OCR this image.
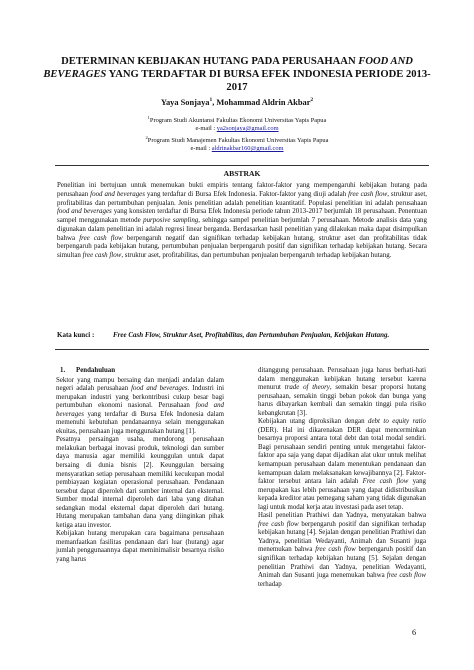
DETERMINAN KEBIJAKAN HUTANG PADA PERUSAHAAN FOOD AND BEVERAGES YANG TERDAFTAR DI BURSA EFEK INDONESIA PERIODE 2013-2017
Yaya Sonjaya$^1$, Mohammad Aldrin Akbar$^2$
$^1$Program Studi Akuntansi Fakultas Ekonomi Universitas Yapis Papua
e-mail : ya2sonjaya@gmail.com
$^2$Program Studi Manajemen Fakultas Ekonomi Universitas Yapis Papua
e-mail : aldrinakbar160@gmail.com
ABSTRAK

Penelitian ini bertujuan untuk menemukan bukti empiris tentang faktor-faktor yang mempengaruhi kebijakan hutang pada perusahaan food and beverages yang terdaftar di Bursa Efek Indonesia. Faktor-faktor yang diuji adalah free cash flow, struktur aset, profitabilitas dan pertumbuhan penjualan. Jenis penelitian adalah penelitian kuantitatif. Populasi penelitian ini adalah perusahaan food and beverages yang konsisten terdaftar di Bursa Efek Indonesia periode tahun 2013-2017 berjumlah 18 perusahaan. Penentuan sampel menggunakan metode purposive sampling, sehingga sampel penelitian berjumlah 7 perusahaan. Metode analisis data yang digunakan dalam penelitian ini adalah regresi linear berganda. Berdasarkan hasil penelitian yang dilakukan maka dapat disimpulkan bahwa free cash flow berpengaruh negatif dan signifikan terhadap kebijakan hutang, struktur aset dan profitabilitas tidak berpengaruh pada kebijakan hutang, pertumbuhan penjualan berpengaruh positif dan signifikan terhadap kebijakan hutang. Secara simultan free cash flow, struktur aset, profitabilitas, dan pertumbuhan penjualan berpengaruh terhadap kebijakan hutang.

Kata kunci :	Free Cash Flow, Struktur Aset, Profitabilitas, dan Pertumbuhan Penjualan, Kebijakan Hutang.

1. Pendahuluan

Sektor yang mampu bersaing dan menjadi andalan dalam negeri adalah perusahaan food and beverages. Industri ini merupakan industri yang berkontribusi cukup besar bagi pertumbuhan ekonomi nasional. Perusahaan food and beverages yang terdaftar di Bursa Efek Indonesia dalam memenuhi kebutuhan pendanaannya selain menggunakan ekuitas, perusahaan juga menggunakan hutang [1].

Pesatnya persaingan usaha, mendorong perusahaan melakukan berbagai inovasi produk, teknologi dan sumber daya manusia agar memiliki keunggulan untuk dapat bersaing di dunia bisnis [2]. Keunggulan bersaing mensyaratkan setiap perusahaan memiliki kecukupan modal pembiayaan kegiatan operasional perusahaan. Pendanaan tersebut dapat diperoleh dari sumber internal dan eksternal. Sumber modal internal diperoleh dari laba yang ditahan sedangkan modal eksternal dapat diperoleh dari hutang. Hutang merupakan tambahan dana yang diinginkan pihak ketiga atau investor.

Kebijakan hutang merupakan cara bagaimana perusahaan memanfaatkan fasilitas pendanaan dari luar (hutang) agar jumlah penggunaannya dapat meminimalisir besarnya risiko yang harus

ditanggung perusahaan. Perusahaan juga harus berhati-hati dalam menggunakan kebijakan hutang tersebut karena menurut trade of theory, semakin besar proporsi hutang perusahaan, semakin tinggi beban pokok dan bunga yang harus dibayarkan kembali dan semakin tinggi pula risiko kebangkrutan [3].

Kebijakan utang diproksikan dengan debt to equity ratio (DER). Hal ini dikarenakan DER dapat mencerminkan besarnya proporsi antara total debt dan total modal sendiri. Bagi perusahaan sendiri penting untuk mengetahui faktor-faktor apa saja yang dapat dijadikan alat ukur untuk melihat kemampuan perusahaan dalam menentukan pendanaan dan kemampuan dalam melaksanakan kewajibannya [2]. Faktor-faktor tersebut antara lain adalah Free cash flow yang merupakan kas lebih perusahaan yang dapat didistribusikan kepada kreditor atau pemegang saham yang tidak digunakan lagi untuk modal kerja atau investasi pada aset tetap.

Hasil penelitian Prathiwi dan Yadnya, menyatakan bahwa free cash flow berpengaruh positif dan signifikan terhadap kebijakan hutang [4]. Sejalan dengan penelitian Prathiwi dan Yadnya, penelitian Wedayanti, Animah dan Susanti juga menemukan bahwa free cash flow berpengaruh positif dan signifikan terhadap kebijakan hutang [5]. Sejalan dengan penelitian Prathiwi dan Yadnya, penelitian Wedayanti, Animah dan Susanti juga menemukan bahwa free cash flow terhadap

6
